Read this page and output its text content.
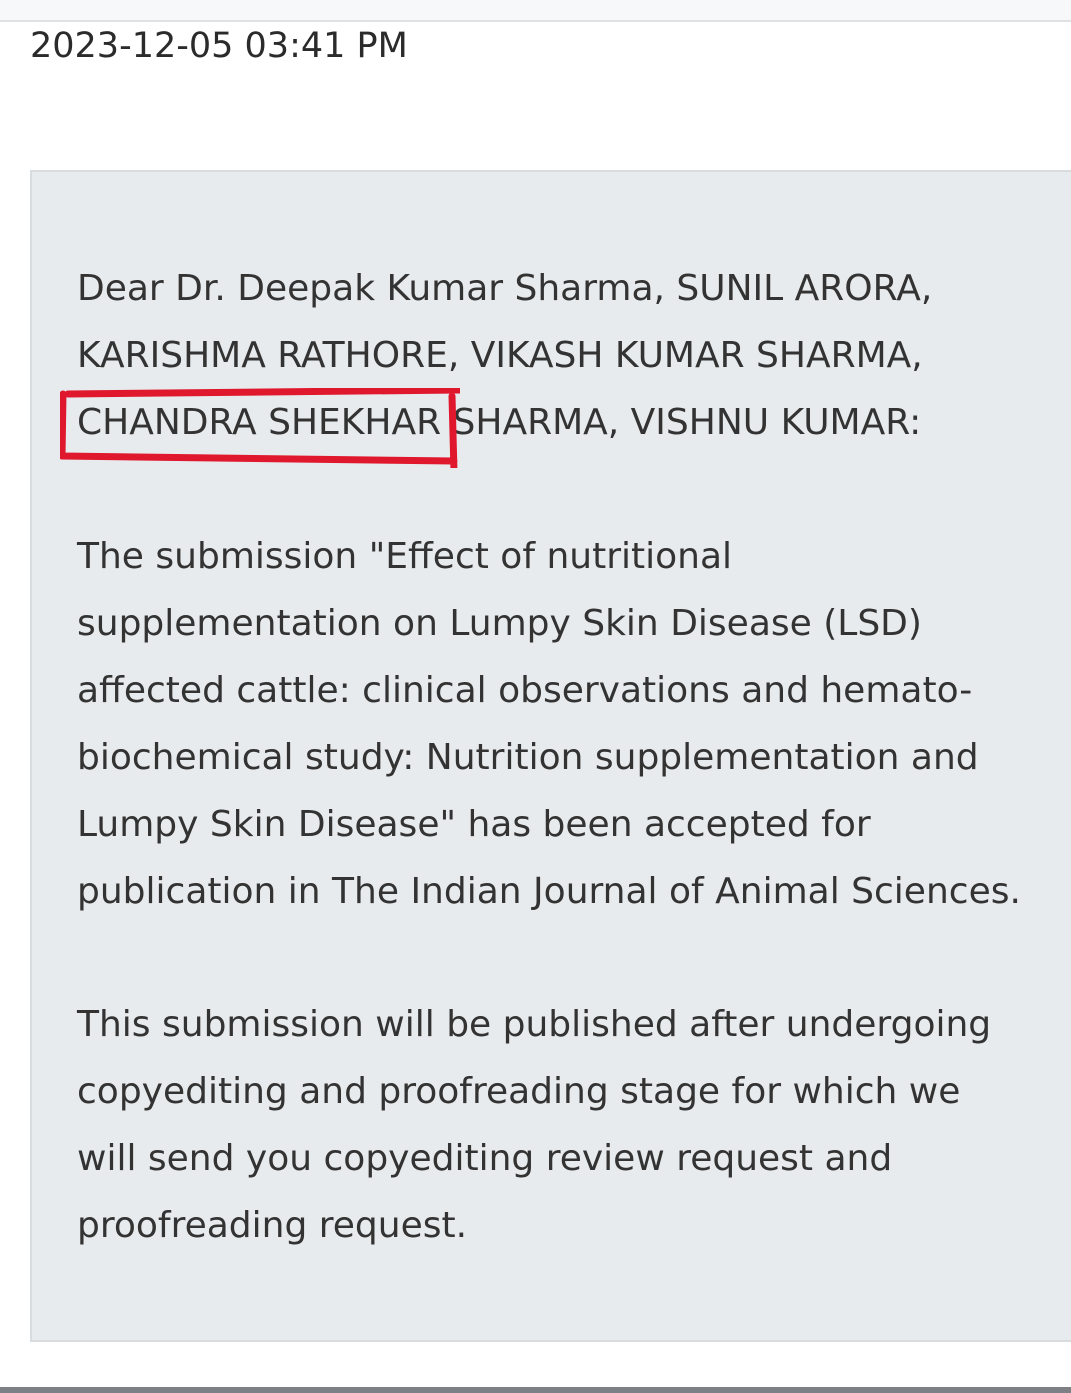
2023-12-05 03:41 PM
Dear Dr. Deepak Kumar Sharma, SUNIL ARORA,
KARISHMA RATHORE, VIKASH KUMAR SHARMA,
CHANDRA SHEKHAR SHARMA, VISHNU KUMAR:
The submission "Effect of nutritional
supplementation on Lumpy Skin Disease (LSD)
affected cattle: clinical observations and hemato-
biochemical study: Nutrition supplementation and
Lumpy Skin Disease" has been accepted for
publication in The Indian Journal of Animal Sciences.
This submission will be published after undergoing
copyediting and proofreading stage for which we
will send you copyediting review request and
proofreading request.
